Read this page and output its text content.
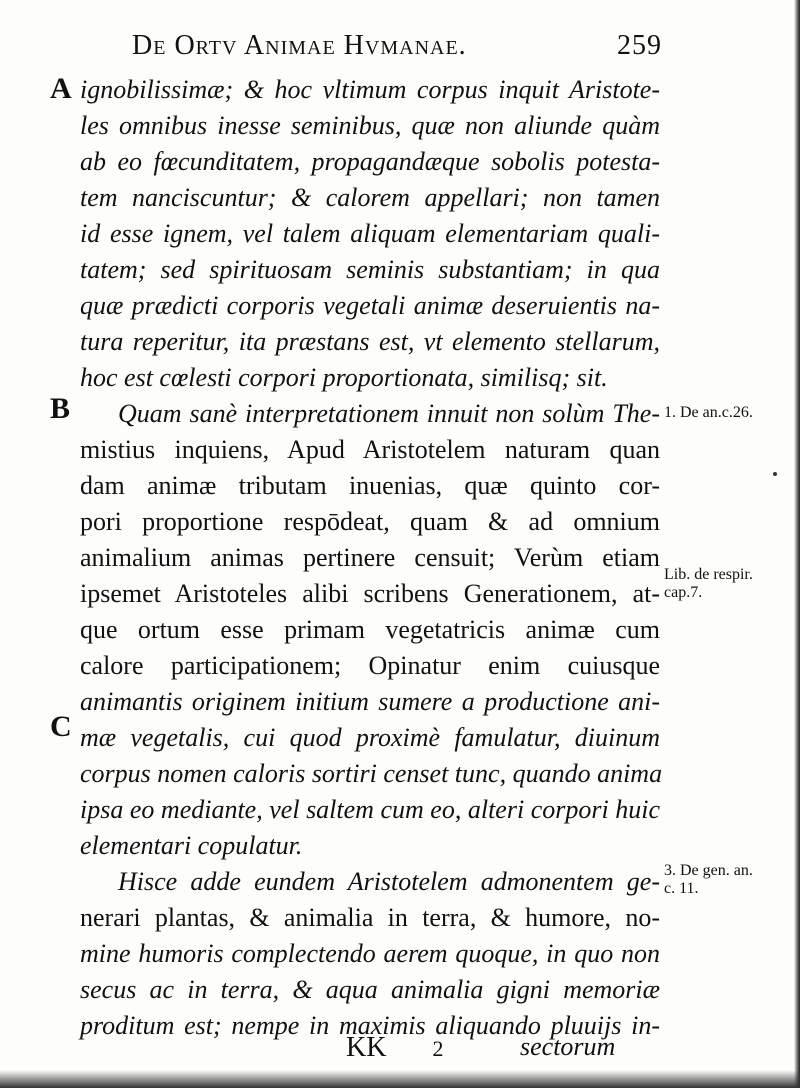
De Ortv Animae Hvmanae.	259
A
B
C
ignobilissimæ; & hoc vltimum corpus inquit Aristote-
les omnibus inesse seminibus, quæ non aliunde quàm
ab eo fœcunditatem, propagandæque sobolis potesta-
tem nanciscuntur; & calorem appellari; non tamen
id esse ignem, vel talem aliquam elementariam quali-
tatem; sed spirituosam seminis substantiam; in qua
quæ prædicti corporis vegetali animæ deseruientis na-
tura reperitur, ita præstans est, vt elemento stellarum,
hoc est cœlesti corpori proportionata, similisq; sit.
Quam sanè interpretationem innuit non solùm The-
mistius inquiens, Apud Aristotelem naturam quan
dam animæ tributam inuenias, quæ quinto cor-
pori proportione respōdeat, quam & ad omnium
animalium animas pertinere censuit; Verùm etiam
ipsemet Aristoteles alibi scribens Generationem, at-
que ortum esse primam vegetatricis animæ cum
calore participationem; Opinatur enim cuiusque
animantis originem initium sumere a productione ani-
mæ vegetalis, cui quod proximè famulatur, diuinum
corpus nomen caloris sortiri censet tunc, quando anima
ipsa eo mediante, vel saltem cum eo, alteri corpori huic
elementari copulatur.
Hisce adde eundem Aristotelem admonentem ge-
nerari plantas, & animalia in terra, & humore, no-
mine humoris complectendo aerem quoque, in quo non
secus ac in terra, & aqua animalia gigni memoriæ
proditum est; nempe in maximis aliquando pluuijs in-
1. De an.c.26.
Lib. de respir.
cap.7.
3. De gen. an.
c. 11.
KK 2	sectorum
